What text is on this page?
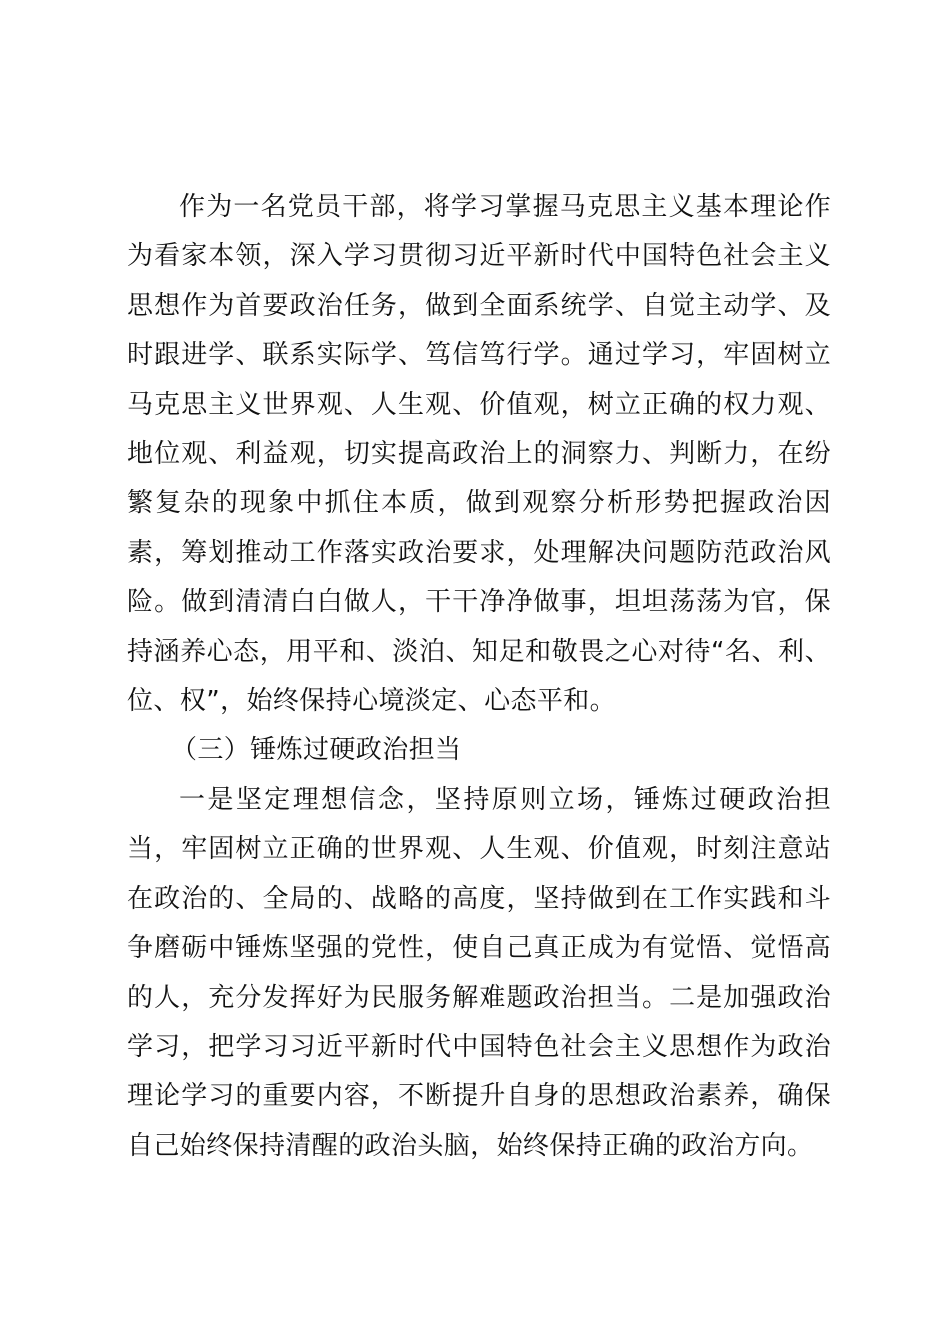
作为一名党员干部，将学习掌握马克思主义基本理论作为看家本领，深入学习贯彻习近平新时代中国特色社会主义思想作为首要政治任务，做到全面系统学、自觉主动学、及时跟进学、联系实际学、笃信笃行学。通过学习，牢固树立马克思主义世界观、人生观、价值观，树立正确的权力观、地位观、利益观，切实提高政治上的洞察力、判断力，在纷繁复杂的现象中抓住本质，做到观察分析形势把握政治因素，筹划推动工作落实政治要求，处理解决问题防范政治风险。做到清清白白做人，干干净净做事，坦坦荡荡为官，保持涵养心态，用平和、淡泊、知足和敬畏之心对待“名、利、位、权”，始终保持心境淡定、心态平和。

（三）锤炼过硬政治担当

一是坚定理想信念，坚持原则立场，锤炼过硬政治担当，牢固树立正确的世界观、人生观、价值观，时刻注意站在政治的、全局的、战略的高度，坚持做到在工作实践和斗争磨砺中锤炼坚强的党性，使自己真正成为有觉悟、觉悟高的人，充分发挥好为民服务解难题政治担当。二是加强政治学习，把学习习近平新时代中国特色社会主义思想作为政治理论学习的重要内容，不断提升自身的思想政治素养，确保自己始终保持清醒的政治头脑，始终保持正确的政治方向。
